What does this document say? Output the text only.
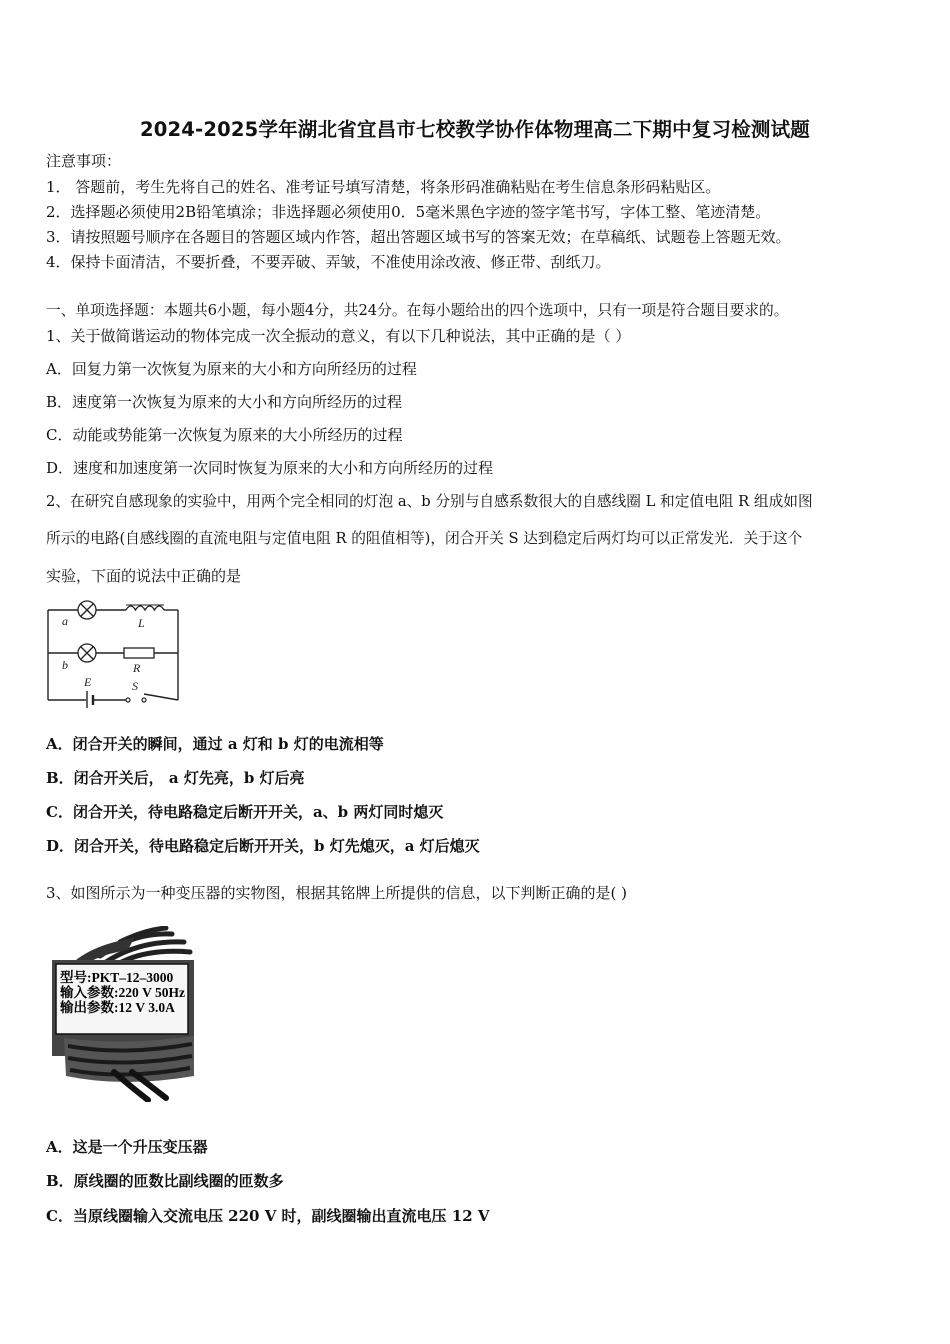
2024-2025学年湖北省宜昌市七校教学协作体物理高二下期中复习检测试题
注意事项：
1． 答题前，考生先将自己的姓名、准考证号填写清楚，将条形码准确粘贴在考生信息条形码粘贴区。
2．选择题必须使用2B铅笔填涂；非选择题必须使用0．5毫米黑色字迹的签字笔书写，字体工整、笔迹清楚。
3．请按照题号顺序在各题目的答题区域内作答，超出答题区域书写的答案无效；在草稿纸、试题卷上答题无效。
4．保持卡面清洁，不要折叠，不要弄破、弄皱，不准使用涂改液、修正带、刮纸刀。
一、单项选择题：本题共6小题，每小题4分，共24分。在每小题给出的四个选项中，只有一项是符合题目要求的。
1、关于做简谐运动的物体完成一次全振动的意义，有以下几种说法，其中正确的是（ ）
A．回复力第一次恢复为原来的大小和方向所经历的过程
B．速度第一次恢复为原来的大小和方向所经历的过程
C．动能或势能第一次恢复为原来的大小所经历的过程
D．速度和加速度第一次同时恢复为原来的大小和方向所经历的过程
2、在研究自感现象的实验中，用两个完全相同的灯泡 a、b 分别与自感系数很大的自感线圈 L 和定值电阻 R 组成如图
所示的电路(自感线圈的直流电阻与定值电阻 R 的阻值相等)，闭合开关 S 达到稳定后两灯均可以正常发光．关于这个
实验，下面的说法中正确的是
a
b
L
R
E	S
A．闭合开关的瞬间，通过 a 灯和 b 灯的电流相等
B．闭合开关后， a 灯先亮，b 灯后亮
C．闭合开关，待电路稳定后断开开关，a、b 两灯同时熄灭
D．闭合开关，待电路稳定后断开开关，b 灯先熄灭，a 灯后熄灭
3、如图所示为一种变压器的实物图，根据其铭牌上所提供的信息，以下判断正确的是( )
型号:PKT–12–3000
输入参数:220 V 50Hz
输出参数:12 V 3.0A
A．这是一个升压变压器
B．原线圈的匝数比副线圈的匝数多
C．当原线圈输入交流电压 220 V 时，副线圈输出直流电压 12 V
